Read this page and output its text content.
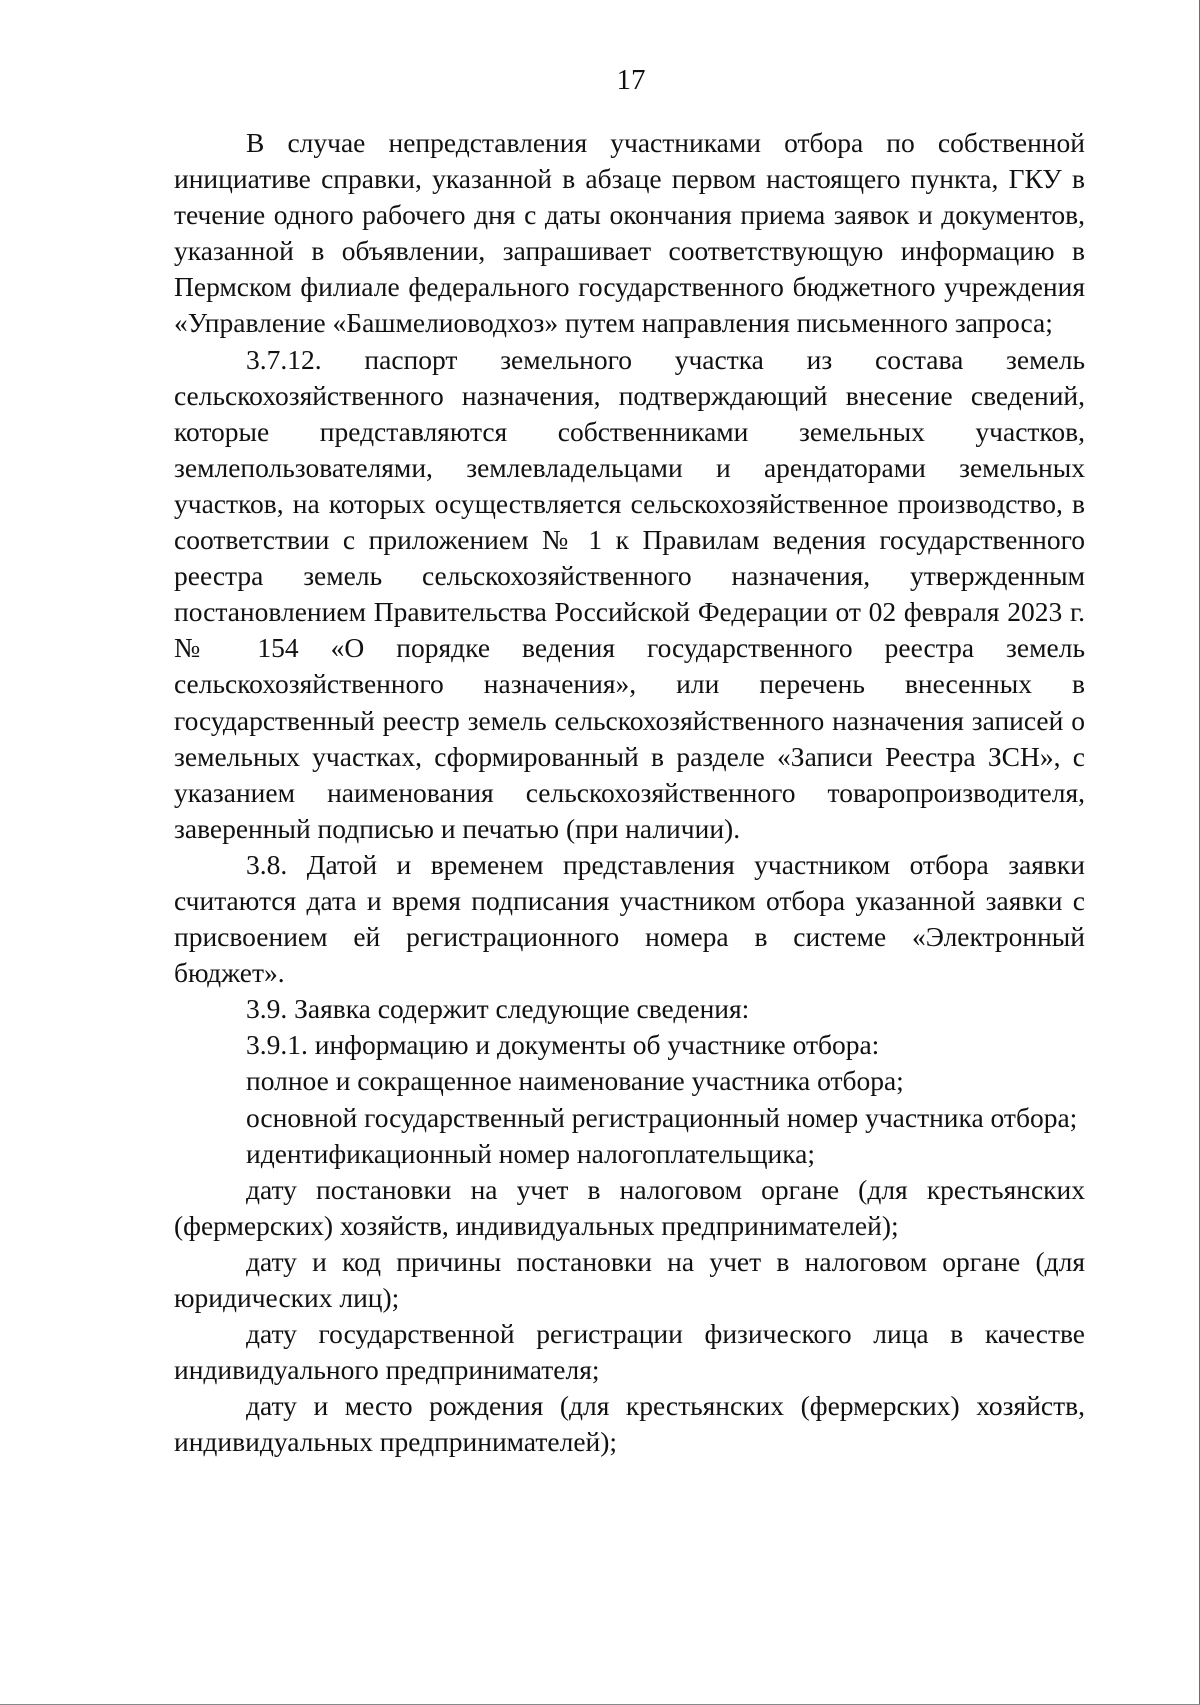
17

В случае непредставления участниками отбора по собственной инициативе справки, указанной в абзаце первом настоящего пункта, ГКУ в течение одного рабочего дня с даты окончания приема заявок и документов, указанной в объявлении, запрашивает соответствующую информацию в Пермском филиале федерального государственного бюджетного учреждения «Управление «Башмелиоводхоз» путем направления письменного запроса;

3.7.12. паспорт земельного участка из состава земель сельскохозяйственного назначения, подтверждающий внесение сведений, которые представляются собственниками земельных участков, землепользователями, землевладельцами и арендаторами земельных участков, на которых осуществляется сельскохозяйственное производство, в соответствии с приложением № 1 к Правилам ведения государственного реестра земель сельскохозяйственного назначения, утвержденным постановлением Правительства Российской Федерации от 02 февраля 2023 г. № 154 «О порядке ведения государственного реестра земель сельскохозяйственного назначения», или перечень внесенных в государственный реестр земель сельскохозяйственного назначения записей о земельных участках, сформированный в разделе «Записи Реестра ЗСН», с указанием наименования сельскохозяйственного товаропроизводителя, заверенный подписью и печатью (при наличии).

3.8. Датой и временем представления участником отбора заявки считаются дата и время подписания участником отбора указанной заявки с присвоением ей регистрационного номера в системе «Электронный бюджет».

3.9. Заявка содержит следующие сведения:

3.9.1. информацию и документы об участнике отбора:

полное и сокращенное наименование участника отбора;

основной государственный регистрационный номер участника отбора;

идентификационный номер налогоплательщика;

дату постановки на учет в налоговом органе (для крестьянских (фермерских) хозяйств, индивидуальных предпринимателей);

дату и код причины постановки на учет в налоговом органе (для юридических лиц);

дату государственной регистрации физического лица в качестве индивидуального предпринимателя;

дату и место рождения (для крестьянских (фермерских) хозяйств, индивидуальных предпринимателей);
